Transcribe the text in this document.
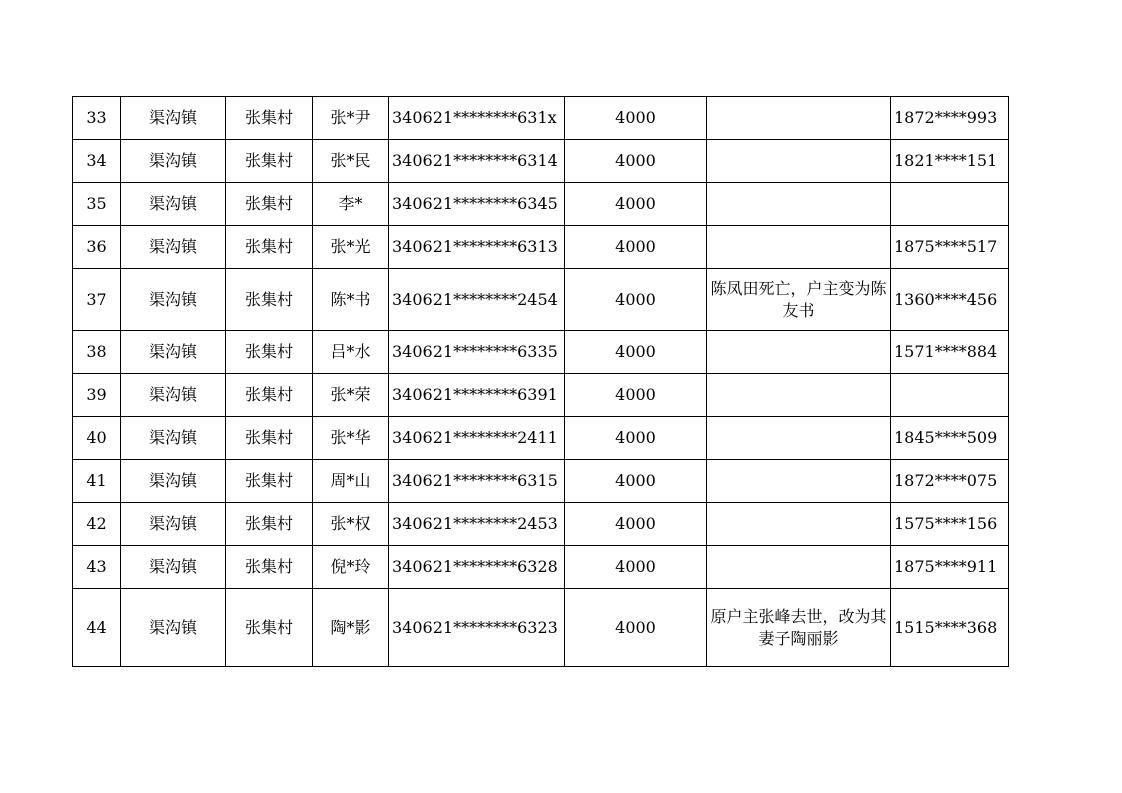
33	渠沟镇	张集村	张*尹	340621********631x	4000		1872****993
34	渠沟镇	张集村	张*民	340621********6314	4000		1821****151
35	渠沟镇	张集村	李*	340621********6345	4000		
36	渠沟镇	张集村	张*光	340621********6313	4000		1875****517
37	渠沟镇	张集村	陈*书	340621********2454	4000	陈凤田死亡，户主变为陈友书	1360****456
38	渠沟镇	张集村	吕*水	340621********6335	4000		1571****884
39	渠沟镇	张集村	张*荣	340621********6391	4000		
40	渠沟镇	张集村	张*华	340621********2411	4000		1845****509
41	渠沟镇	张集村	周*山	340621********6315	4000		1872****075
42	渠沟镇	张集村	张*权	340621********2453	4000		1575****156
43	渠沟镇	张集村	倪*玲	340621********6328	4000		1875****911
44	渠沟镇	张集村	陶*影	340621********6323	4000	原户主张峰去世，改为其妻子陶丽影	1515****368
